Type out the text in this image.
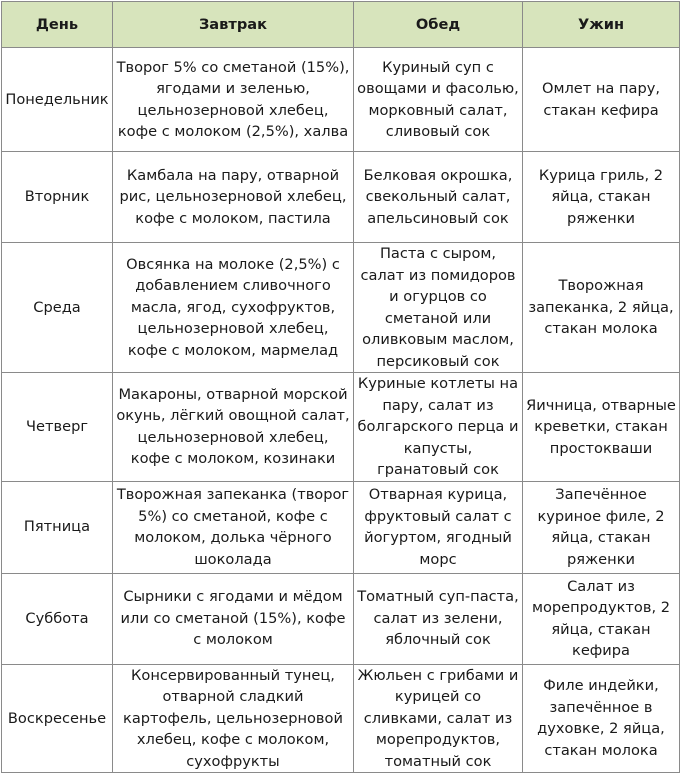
День	Завтрак	Обед	Ужин
Понедельник	Творог 5% со сметаной (15%), ягодами и зеленью, цельнозерновой хлебец, кофе с молоком (2,5%), халва	Куриный суп с овощами и фасолью, морковный салат, сливовый сок	Омлет на пару, стакан кефира
Вторник	Камбала на пару, отварной рис, цельнозерновой хлебец, кофе с молоком, пастила	Белковая окрошка, свекольный салат, апельсиновый сок	Курица гриль, 2 яйца, стакан ряженки
Среда	Овсянка на молоке (2,5%) с добавлением сливочного масла, ягод, сухофруктов, цельнозерновой хлебец, кофе с молоком, мармелад	Паста с сыром, салат из помидоров и огурцов со сметаной или оливковым маслом, персиковый сок	Творожная запеканка, 2 яйца, стакан молока
Четверг	Макароны, отварной морской окунь, лёгкий овощной салат, цельнозерновой хлебец, кофе с молоком, козинаки	Куриные котлеты на пару, салат из болгарского перца и капусты, гранатовый сок	Яичница, отварные креветки, стакан простокваши
Пятница	Творожная запеканка (творог 5%) со сметаной, кофе с молоком, долька чёрного шоколада	Отварная курица, фруктовый салат с йогуртом, ягодный морс	Запечённое куриное филе, 2 яйца, стакан ряженки
Суббота	Сырники с ягодами и мёдом или со сметаной (15%), кофе с молоком	Томатный суп-паста, салат из зелени, яблочный сок	Салат из морепродуктов, 2 яйца, стакан кефира
Воскресенье	Консервированный тунец, отварной сладкий картофель, цельнозерновой хлебец, кофе с молоком, сухофрукты	Жюльен с грибами и курицей со сливками, салат из морепродуктов, томатный сок	Филе индейки, запечённое в духовке, 2 яйца, стакан молока
